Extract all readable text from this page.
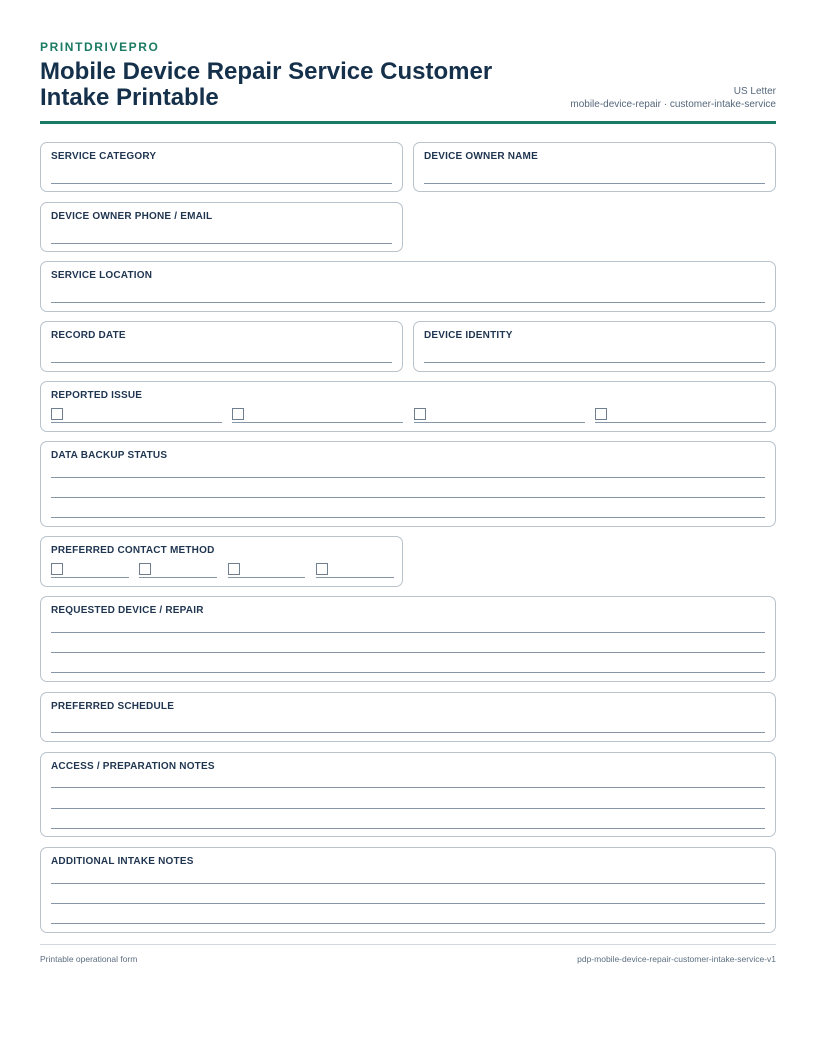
PRINTDRIVEPRO
Mobile Device Repair Service Customer Intake Printable	US Letter
mobile-device-repair · customer-intake-service
SERVICE CATEGORY	DEVICE OWNER NAME
DEVICE OWNER PHONE / EMAIL
SERVICE LOCATION
RECORD DATE	DEVICE IDENTITY
REPORTED ISSUE
DATA BACKUP STATUS
PREFERRED CONTACT METHOD
REQUESTED DEVICE / REPAIR
PREFERRED SCHEDULE
ACCESS / PREPARATION NOTES
ADDITIONAL INTAKE NOTES
Printable operational form	pdp-mobile-device-repair-customer-intake-service-v1
